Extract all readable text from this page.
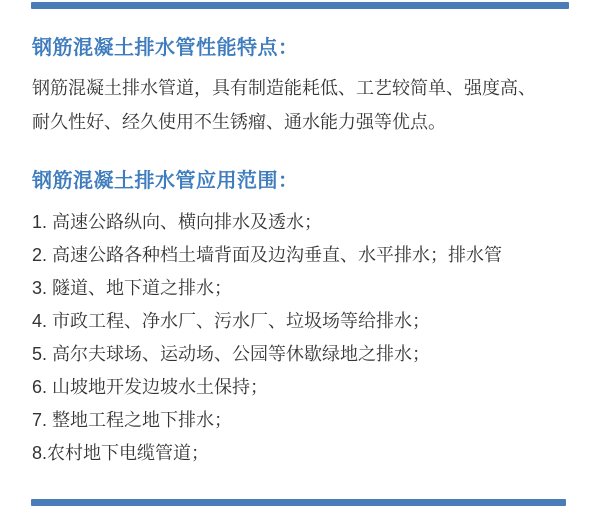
钢筋混凝土排水管性能特点：
钢筋混凝土排水管道，具有制造能耗低、工艺较简单、强度高、
耐久性好、经久使用不生锈瘤、通水能力强等优点。
钢筋混凝土排水管应用范围：
1. 高速公路纵向、横向排水及透水；
2. 高速公路各种档土墙背面及边沟垂直、水平排水；排水管
3. 隧道、地下道之排水；
4. 市政工程、净水厂、污水厂、垃圾场等给排水；
5. 高尔夫球场、运动场、公园等休歇绿地之排水；
6. 山坡地开发边坡水土保持；
7. 整地工程之地下排水；
8.农村地下电缆管道；
